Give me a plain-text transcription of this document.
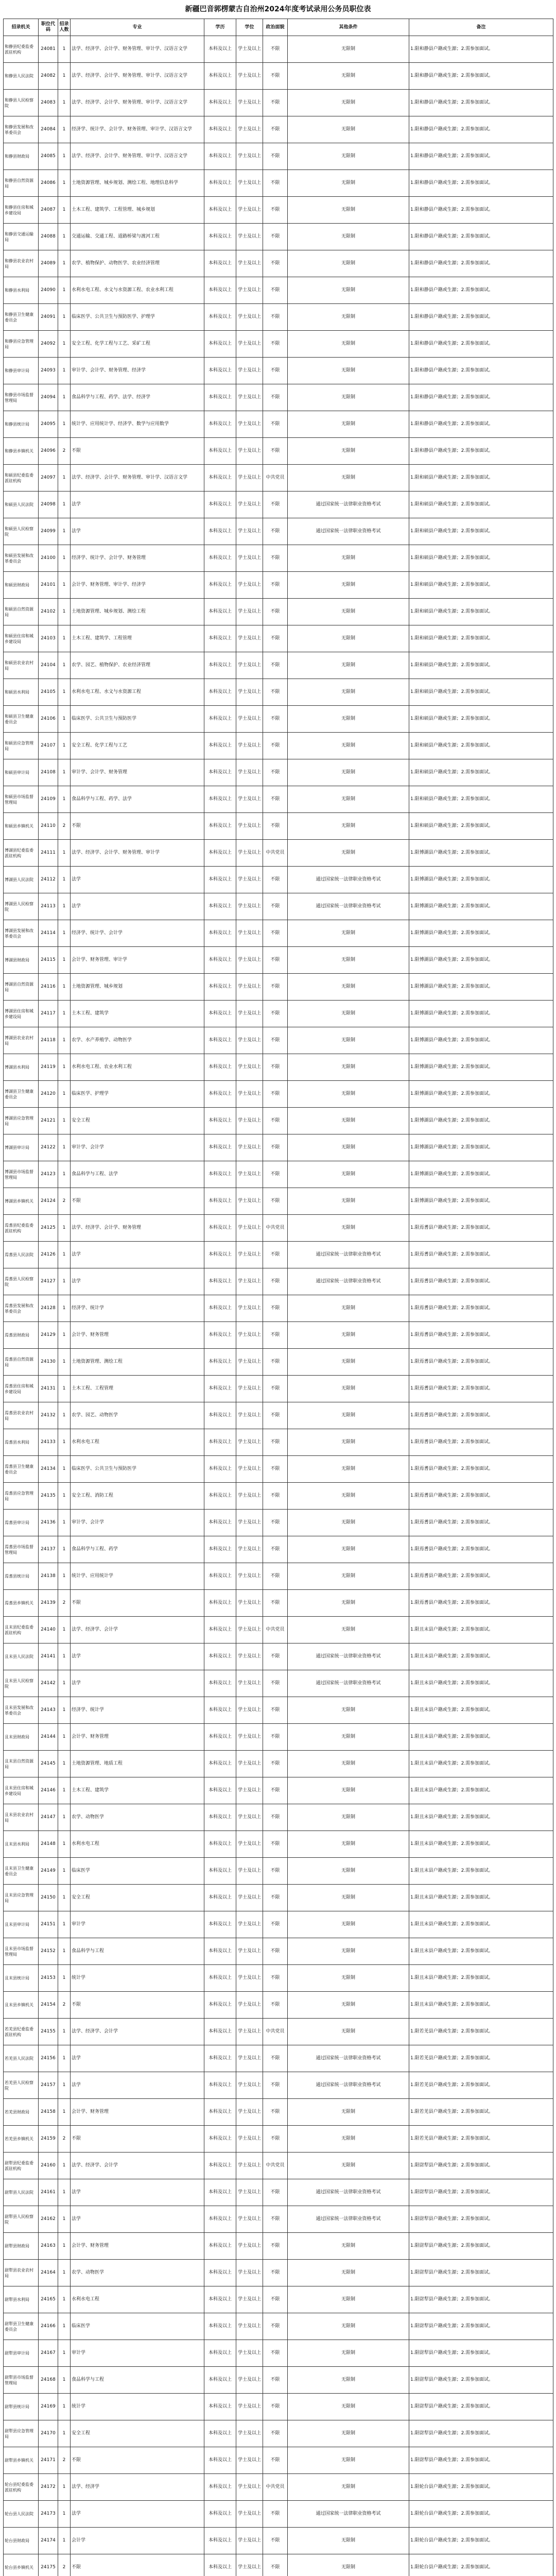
新疆巴音郭楞蒙古自治州2024年度考试录用公务员职位表
招录机关	职位代码	招录人数	专业	学历	学位	政治面貌	其他条件	备注
和静县纪委监委派驻机构	24081	1	法学、经济学、会计学、财务管理、审计学、汉语言文学	本科及以上	学士及以上	不限	无限制	1.限和静县户籍或生源；2.需参加面试。
和静县人民法院	24082	1	法学、经济学、会计学、财务管理、审计学、汉语言文学	本科及以上	学士及以上	不限	无限制	1.限和静县户籍或生源；2.需参加面试。
和静县人民检察院	24083	1	法学、经济学、会计学、财务管理、审计学、汉语言文学	本科及以上	学士及以上	不限	无限制	1.限和静县户籍或生源；2.需参加面试。
和静县发展和改革委员会	24084	1	经济学、统计学、会计学、财务管理、审计学、汉语言文学	本科及以上	学士及以上	不限	无限制	1.限和静县户籍或生源；2.需参加面试。
和静县财政局	24085	1	法学、经济学、会计学、财务管理、审计学、汉语言文学	本科及以上	学士及以上	不限	无限制	1.限和静县户籍或生源；2.需参加面试。
和静县自然资源局	24086	1	土地资源管理、城乡规划、测绘工程、地理信息科学	本科及以上	学士及以上	不限	无限制	1.限和静县户籍或生源；2.需参加面试。
和静县住房和城乡建设局	24087	1	土木工程、建筑学、工程管理、城乡规划	本科及以上	学士及以上	不限	无限制	1.限和静县户籍或生源；2.需参加面试。
和静县交通运输局	24088	1	交通运输、交通工程、道路桥梁与渡河工程	本科及以上	学士及以上	不限	无限制	1.限和静县户籍或生源；2.需参加面试。
和静县农业农村局	24089	1	农学、植物保护、动物医学、农业经济管理	本科及以上	学士及以上	不限	无限制	1.限和静县户籍或生源；2.需参加面试。
和静县水利局	24090	1	水利水电工程、水文与水资源工程、农业水利工程	本科及以上	学士及以上	不限	无限制	1.限和静县户籍或生源；2.需参加面试。
和静县卫生健康委员会	24091	1	临床医学、公共卫生与预防医学、护理学	本科及以上	学士及以上	不限	无限制	1.限和静县户籍或生源；2.需参加面试。
和静县应急管理局	24092	1	安全工程、化学工程与工艺、采矿工程	本科及以上	学士及以上	不限	无限制	1.限和静县户籍或生源；2.需参加面试。
和静县审计局	24093	1	审计学、会计学、财务管理、经济学	本科及以上	学士及以上	不限	无限制	1.限和静县户籍或生源；2.需参加面试。
和静县市场监督管理局	24094	1	食品科学与工程、药学、法学、经济学	本科及以上	学士及以上	不限	无限制	1.限和静县户籍或生源；2.需参加面试。
和静县统计局	24095	1	统计学、应用统计学、经济学、数学与应用数学	本科及以上	学士及以上	不限	无限制	1.限和静县户籍或生源；2.需参加面试。
和静县乡镇机关	24096	2	不限	本科及以上	学士及以上	不限	无限制	1.限和静县户籍或生源；2.需参加面试。
和硕县纪委监委派驻机构	24097	1	法学、经济学、会计学、财务管理、审计学、汉语言文学	本科及以上	学士及以上	中共党员	无限制	1.限和硕县户籍或生源；2.需参加面试。
和硕县人民法院	24098	1	法学	本科及以上	学士及以上	不限	通过国家统一法律职业资格考试	1.限和硕县户籍或生源；2.需参加面试。
和硕县人民检察院	24099	1	法学	本科及以上	学士及以上	不限	通过国家统一法律职业资格考试	1.限和硕县户籍或生源；2.需参加面试。
和硕县发展和改革委员会	24100	1	经济学、统计学、会计学、财务管理	本科及以上	学士及以上	不限	无限制	1.限和硕县户籍或生源；2.需参加面试。
和硕县财政局	24101	1	会计学、财务管理、审计学、经济学	本科及以上	学士及以上	不限	无限制	1.限和硕县户籍或生源；2.需参加面试。
和硕县自然资源局	24102	1	土地资源管理、城乡规划、测绘工程	本科及以上	学士及以上	不限	无限制	1.限和硕县户籍或生源；2.需参加面试。
和硕县住房和城乡建设局	24103	1	土木工程、建筑学、工程管理	本科及以上	学士及以上	不限	无限制	1.限和硕县户籍或生源；2.需参加面试。
和硕县农业农村局	24104	1	农学、园艺、植物保护、农业经济管理	本科及以上	学士及以上	不限	无限制	1.限和硕县户籍或生源；2.需参加面试。
和硕县水利局	24105	1	水利水电工程、水文与水资源工程	本科及以上	学士及以上	不限	无限制	1.限和硕县户籍或生源；2.需参加面试。
和硕县卫生健康委员会	24106	1	临床医学、公共卫生与预防医学	本科及以上	学士及以上	不限	无限制	1.限和硕县户籍或生源；2.需参加面试。
和硕县应急管理局	24107	1	安全工程、化学工程与工艺	本科及以上	学士及以上	不限	无限制	1.限和硕县户籍或生源；2.需参加面试。
和硕县审计局	24108	1	审计学、会计学、财务管理	本科及以上	学士及以上	不限	无限制	1.限和硕县户籍或生源；2.需参加面试。
和硕县市场监督管理局	24109	1	食品科学与工程、药学、法学	本科及以上	学士及以上	不限	无限制	1.限和硕县户籍或生源；2.需参加面试。
和硕县乡镇机关	24110	2	不限	本科及以上	学士及以上	不限	无限制	1.限和硕县户籍或生源；2.需参加面试。
博湖县纪委监委派驻机构	24111	1	法学、经济学、会计学、财务管理、审计学	本科及以上	学士及以上	中共党员	无限制	1.限博湖县户籍或生源；2.需参加面试。
博湖县人民法院	24112	1	法学	本科及以上	学士及以上	不限	通过国家统一法律职业资格考试	1.限博湖县户籍或生源；2.需参加面试。
博湖县人民检察院	24113	1	法学	本科及以上	学士及以上	不限	通过国家统一法律职业资格考试	1.限博湖县户籍或生源；2.需参加面试。
博湖县发展和改革委员会	24114	1	经济学、统计学、会计学	本科及以上	学士及以上	不限	无限制	1.限博湖县户籍或生源；2.需参加面试。
博湖县财政局	24115	1	会计学、财务管理、审计学	本科及以上	学士及以上	不限	无限制	1.限博湖县户籍或生源；2.需参加面试。
博湖县自然资源局	24116	1	土地资源管理、城乡规划	本科及以上	学士及以上	不限	无限制	1.限博湖县户籍或生源；2.需参加面试。
博湖县住房和城乡建设局	24117	1	土木工程、建筑学	本科及以上	学士及以上	不限	无限制	1.限博湖县户籍或生源；2.需参加面试。
博湖县农业农村局	24118	1	农学、水产养殖学、动物医学	本科及以上	学士及以上	不限	无限制	1.限博湖县户籍或生源；2.需参加面试。
博湖县水利局	24119	1	水利水电工程、农业水利工程	本科及以上	学士及以上	不限	无限制	1.限博湖县户籍或生源；2.需参加面试。
博湖县卫生健康委员会	24120	1	临床医学、护理学	本科及以上	学士及以上	不限	无限制	1.限博湖县户籍或生源；2.需参加面试。
博湖县应急管理局	24121	1	安全工程	本科及以上	学士及以上	不限	无限制	1.限博湖县户籍或生源；2.需参加面试。
博湖县审计局	24122	1	审计学、会计学	本科及以上	学士及以上	不限	无限制	1.限博湖县户籍或生源；2.需参加面试。
博湖县市场监督管理局	24123	1	食品科学与工程、法学	本科及以上	学士及以上	不限	无限制	1.限博湖县户籍或生源；2.需参加面试。
博湖县乡镇机关	24124	2	不限	本科及以上	学士及以上	不限	无限制	1.限博湖县户籍或生源；2.需参加面试。
焉耆县纪委监委派驻机构	24125	1	法学、经济学、会计学、财务管理	本科及以上	学士及以上	中共党员	无限制	1.限焉耆县户籍或生源；2.需参加面试。
焉耆县人民法院	24126	1	法学	本科及以上	学士及以上	不限	通过国家统一法律职业资格考试	1.限焉耆县户籍或生源；2.需参加面试。
焉耆县人民检察院	24127	1	法学	本科及以上	学士及以上	不限	通过国家统一法律职业资格考试	1.限焉耆县户籍或生源；2.需参加面试。
焉耆县发展和改革委员会	24128	1	经济学、统计学	本科及以上	学士及以上	不限	无限制	1.限焉耆县户籍或生源；2.需参加面试。
焉耆县财政局	24129	1	会计学、财务管理	本科及以上	学士及以上	不限	无限制	1.限焉耆县户籍或生源；2.需参加面试。
焉耆县自然资源局	24130	1	土地资源管理、测绘工程	本科及以上	学士及以上	不限	无限制	1.限焉耆县户籍或生源；2.需参加面试。
焉耆县住房和城乡建设局	24131	1	土木工程、工程管理	本科及以上	学士及以上	不限	无限制	1.限焉耆县户籍或生源；2.需参加面试。
焉耆县农业农村局	24132	1	农学、园艺、动物医学	本科及以上	学士及以上	不限	无限制	1.限焉耆县户籍或生源；2.需参加面试。
焉耆县水利局	24133	1	水利水电工程	本科及以上	学士及以上	不限	无限制	1.限焉耆县户籍或生源；2.需参加面试。
焉耆县卫生健康委员会	24134	1	临床医学、公共卫生与预防医学	本科及以上	学士及以上	不限	无限制	1.限焉耆县户籍或生源；2.需参加面试。
焉耆县应急管理局	24135	1	安全工程、消防工程	本科及以上	学士及以上	不限	无限制	1.限焉耆县户籍或生源；2.需参加面试。
焉耆县审计局	24136	1	审计学、会计学	本科及以上	学士及以上	不限	无限制	1.限焉耆县户籍或生源；2.需参加面试。
焉耆县市场监督管理局	24137	1	食品科学与工程、药学	本科及以上	学士及以上	不限	无限制	1.限焉耆县户籍或生源；2.需参加面试。
焉耆县统计局	24138	1	统计学、应用统计学	本科及以上	学士及以上	不限	无限制	1.限焉耆县户籍或生源；2.需参加面试。
焉耆县乡镇机关	24139	2	不限	本科及以上	学士及以上	不限	无限制	1.限焉耆县户籍或生源；2.需参加面试。
且末县纪委监委派驻机构	24140	1	法学、经济学、会计学	本科及以上	学士及以上	中共党员	无限制	1.限且末县户籍或生源；2.需参加面试。
且末县人民法院	24141	1	法学	本科及以上	学士及以上	不限	通过国家统一法律职业资格考试	1.限且末县户籍或生源；2.需参加面试。
且末县人民检察院	24142	1	法学	本科及以上	学士及以上	不限	通过国家统一法律职业资格考试	1.限且末县户籍或生源；2.需参加面试。
且末县发展和改革委员会	24143	1	经济学、统计学	本科及以上	学士及以上	不限	无限制	1.限且末县户籍或生源；2.需参加面试。
且末县财政局	24144	1	会计学、财务管理	本科及以上	学士及以上	不限	无限制	1.限且末县户籍或生源；2.需参加面试。
且末县自然资源局	24145	1	土地资源管理、地质工程	本科及以上	学士及以上	不限	无限制	1.限且末县户籍或生源；2.需参加面试。
且末县住房和城乡建设局	24146	1	土木工程、建筑学	本科及以上	学士及以上	不限	无限制	1.限且末县户籍或生源；2.需参加面试。
且末县农业农村局	24147	1	农学、动物医学	本科及以上	学士及以上	不限	无限制	1.限且末县户籍或生源；2.需参加面试。
且末县水利局	24148	1	水利水电工程	本科及以上	学士及以上	不限	无限制	1.限且末县户籍或生源；2.需参加面试。
且末县卫生健康委员会	24149	1	临床医学	本科及以上	学士及以上	不限	无限制	1.限且末县户籍或生源；2.需参加面试。
且末县应急管理局	24150	1	安全工程	本科及以上	学士及以上	不限	无限制	1.限且末县户籍或生源；2.需参加面试。
且末县审计局	24151	1	审计学	本科及以上	学士及以上	不限	无限制	1.限且末县户籍或生源；2.需参加面试。
且末县市场监督管理局	24152	1	食品科学与工程	本科及以上	学士及以上	不限	无限制	1.限且末县户籍或生源；2.需参加面试。
且末县统计局	24153	1	统计学	本科及以上	学士及以上	不限	无限制	1.限且末县户籍或生源；2.需参加面试。
且末县乡镇机关	24154	2	不限	本科及以上	学士及以上	不限	无限制	1.限且末县户籍或生源；2.需参加面试。
若羌县纪委监委派驻机构	24155	1	法学、经济学、会计学	本科及以上	学士及以上	中共党员	无限制	1.限若羌县户籍或生源；2.需参加面试。
若羌县人民法院	24156	1	法学	本科及以上	学士及以上	不限	通过国家统一法律职业资格考试	1.限若羌县户籍或生源；2.需参加面试。
若羌县人民检察院	24157	1	法学	本科及以上	学士及以上	不限	通过国家统一法律职业资格考试	1.限若羌县户籍或生源；2.需参加面试。
若羌县财政局	24158	1	会计学、财务管理	本科及以上	学士及以上	不限	无限制	1.限若羌县户籍或生源；2.需参加面试。
若羌县乡镇机关	24159	2	不限	本科及以上	学士及以上	不限	无限制	1.限若羌县户籍或生源；2.需参加面试。
尉犁县纪委监委派驻机构	24160	1	法学、经济学、会计学	本科及以上	学士及以上	中共党员	无限制	1.限尉犁县户籍或生源；2.需参加面试。
尉犁县人民法院	24161	1	法学	本科及以上	学士及以上	不限	通过国家统一法律职业资格考试	1.限尉犁县户籍或生源；2.需参加面试。
尉犁县人民检察院	24162	1	法学	本科及以上	学士及以上	不限	通过国家统一法律职业资格考试	1.限尉犁县户籍或生源；2.需参加面试。
尉犁县财政局	24163	1	会计学、财务管理	本科及以上	学士及以上	不限	无限制	1.限尉犁县户籍或生源；2.需参加面试。
尉犁县农业农村局	24164	1	农学、动物医学	本科及以上	学士及以上	不限	无限制	1.限尉犁县户籍或生源；2.需参加面试。
尉犁县水利局	24165	1	水利水电工程	本科及以上	学士及以上	不限	无限制	1.限尉犁县户籍或生源；2.需参加面试。
尉犁县卫生健康委员会	24166	1	临床医学	本科及以上	学士及以上	不限	无限制	1.限尉犁县户籍或生源；2.需参加面试。
尉犁县审计局	24167	1	审计学	本科及以上	学士及以上	不限	无限制	1.限尉犁县户籍或生源；2.需参加面试。
尉犁县市场监督管理局	24168	1	食品科学与工程	本科及以上	学士及以上	不限	无限制	1.限尉犁县户籍或生源；2.需参加面试。
尉犁县统计局	24169	1	统计学	本科及以上	学士及以上	不限	无限制	1.限尉犁县户籍或生源；2.需参加面试。
尉犁县应急管理局	24170	1	安全工程	本科及以上	学士及以上	不限	无限制	1.限尉犁县户籍或生源；2.需参加面试。
尉犁县乡镇机关	24171	2	不限	本科及以上	学士及以上	不限	无限制	1.限尉犁县户籍或生源；2.需参加面试。
轮台县纪委监委派驻机构	24172	1	法学、经济学	本科及以上	学士及以上	中共党员	无限制	1.限轮台县户籍或生源；2.需参加面试。
轮台县人民法院	24173	1	法学	本科及以上	学士及以上	不限	通过国家统一法律职业资格考试	1.限轮台县户籍或生源；2.需参加面试。
轮台县财政局	24174	1	会计学	本科及以上	学士及以上	不限	无限制	1.限轮台县户籍或生源；2.需参加面试。
轮台县乡镇机关	24175	2	不限	本科及以上	学士及以上	不限	无限制	1.限轮台县户籍或生源；2.需参加面试。
